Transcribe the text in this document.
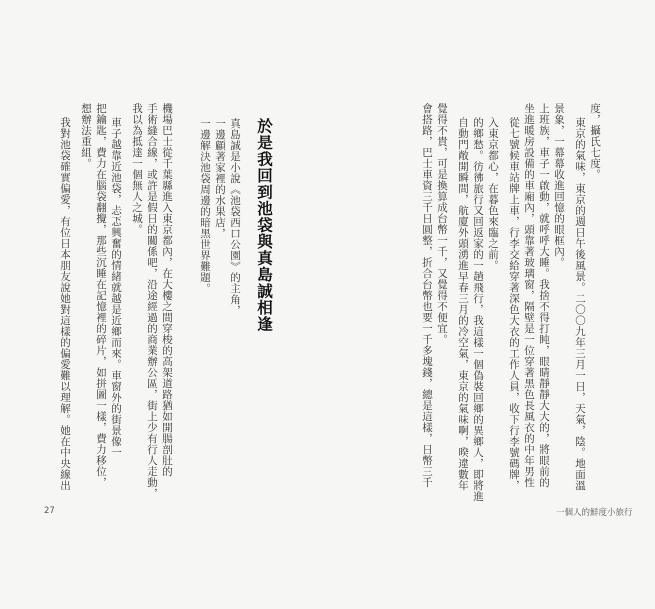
會搭路，巴士車資三千日圓整，折合台幣也要一千多塊錢，總是這樣，日幣三千 覺得不貴，可是換算成台幣一千，又覺得不便宜。 自動門敞開瞬間，航廈外頭湧進早春三月的冷空氣，東京的氣味啊，暌違數年 的鄉愁。彷彿旅行又回返家的一趟飛行，我這樣一個偽裝回鄉的異鄉人，即將進 入東京都心，在暮色來臨之前。 從七號候車站牌上車，行李交給穿著深色大衣的工作人員，收下行李號碼牌， 坐進暖房設備的車廂內，頭靠著玻璃窗，隔壁是一位穿著黑色長風衣的中年男性 上班族，車子一啟動，就呼呼大睡。我捨不得打盹，眼睛靜靜大大的，將眼前的 景象，一幕幕收進回憶的眼框內。 東京的氣味，東京的週日午後風景。二〇〇九年三月一日，天氣，陰。地面溫 度，攝氏七度。
一個人的鮮度小旅行
於是我回到池袋與真島誠相逢
真島誠是小說《池袋西口公園》的主角，
一邊顧著家裡的水果店，
一邊解決池袋周邊的暗黑世界難題。
機場巴士從千葉縣進入東京都內，在大樓之間穿梭的高架道路猶如開腸剖肚的
手術縫合線，或許是假日的關係吧，沿途經過的商業辦公區，街上少有行人走動，
我以為抵達一個無人之城。
車子越靠近池袋，忐忑興奮的情緒就越是近鄉而來。車窗外的街景像一
把鑰匙，費力在腦袋翻攪，那些沉睡在記憶裡的碎片，如拼圖一樣，費力移位，
想辦法重組。
我對池袋確實偏愛，有位日本朋友說她對這樣的偏愛難以理解。她在中央線出
27
